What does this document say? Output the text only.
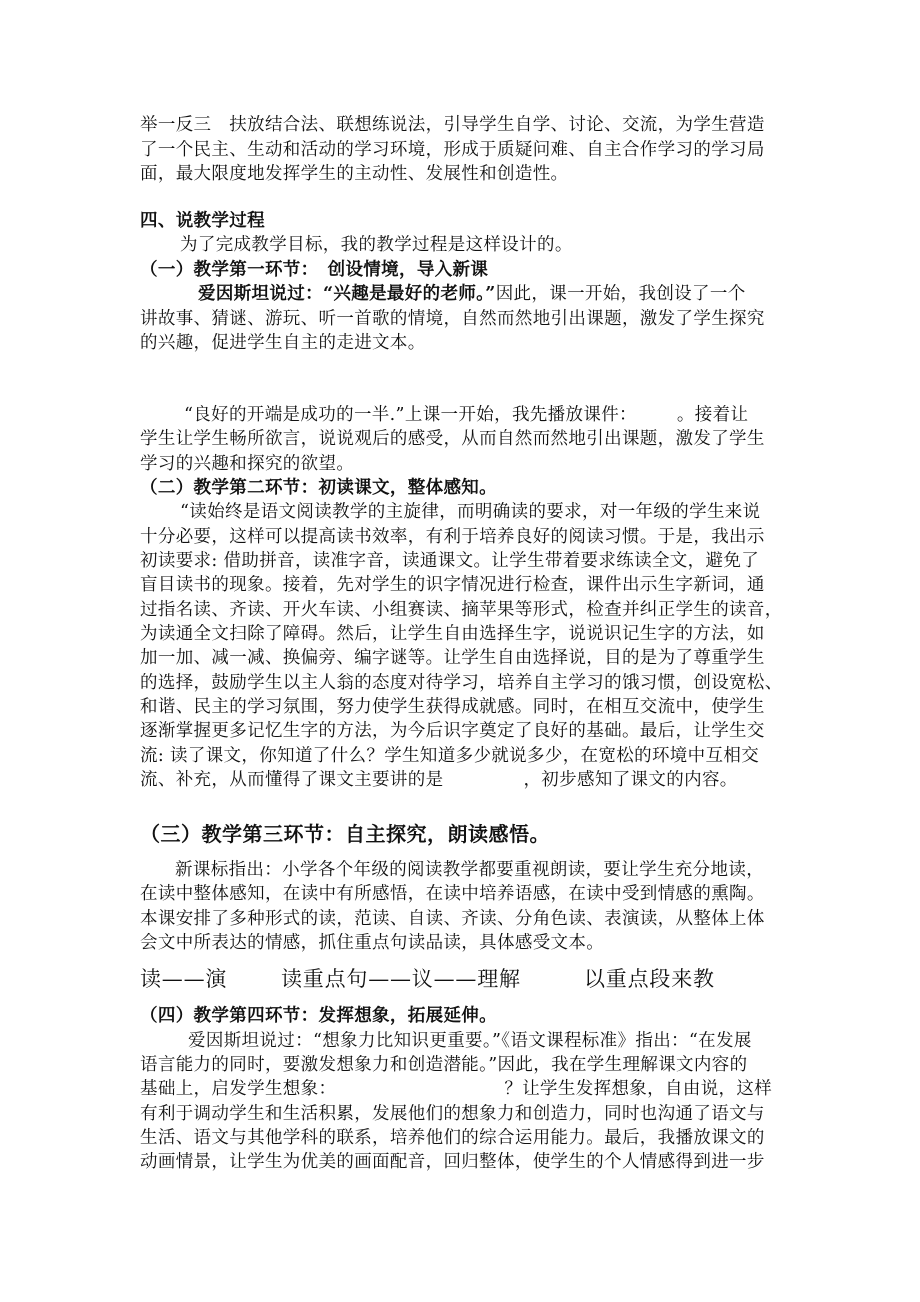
举一反三　扶放结合法、联想练说法，引导学生自学、讨论、交流，为学生营造
了一个民主、生动和活动的学习环境，形成于质疑问难、自主合作学习的学习局
面，最大限度地发挥学生的主动性、发展性和创造性。
四、说教学过程
为了完成教学目标，我的教学过程是这样设计的。
（一）教学第一环节：　创设情境，导入新课
爱因斯坦说过：“兴趣是最好的老师。”因此，课一开始，我创设了一个
讲故事、猜谜、游玩、听一首歌的情境，自然而然地引出课题，激发了学生探究
的兴趣，促进学生自主的走进文本。
“良好的开端是成功的一半.”上课一开始，我先播放课件： 。接着让
学生让学生畅所欲言，说说观后的感受，从而自然而然地引出课题，激发了学生
学习的兴趣和探究的欲望。
（二）教学第二环节：初读课文，整体感知。
“读始终是语文阅读教学的主旋律，而明确读的要求，对一年级的学生来说
十分必要，这样可以提高读书效率，有利于培养良好的阅读习惯。于是，我出示
初读要求: 借助拼音，读准字音，读通课文。让学生带着要求练读全文，避免了
盲目读书的现象。接着，先对学生的识字情况进行检查，课件出示生字新词，通
过指名读、齐读、开火车读、小组赛读、摘苹果等形式，检查并纠正学生的读音，
为读通全文扫除了障碍。然后，让学生自由选择生字，说说识记生字的方法，如
加一加、减一减、换偏旁、编字谜等。让学生自由选择说，目的是为了尊重学生
的选择，鼓励学生以主人翁的态度对待学习，培养自主学习的饿习惯，创设宽松、
和谐、民主的学习氛围，努力使学生获得成就感。同时，在相互交流中，使学生
逐渐掌握更多记忆生字的方法，为今后识字奠定了良好的基础。最后，让学生交
流: 读了课文，你知道了什么？学生知道多少就说多少，在宽松的环境中互相交
流、补充，从而懂得了课文主要讲的是	，初步感知了课文的内容。
（三）教学第三环节：自主探究，朗读感悟。
新课标指出：小学各个年级的阅读教学都要重视朗读，要让学生充分地读，
在读中整体感知，在读中有所感悟，在读中培养语感，在读中受到情感的熏陶。
本课安排了多种形式的读，范读、自读、齐读、分角色读、表演读，从整体上体
会文中所表达的情感，抓住重点句读品读，具体感受文本。
读——演	读重点句——议——理解	以重点段来教
（四）教学第四环节：发挥想象，拓展延伸。
爱因斯坦说过：“想象力比知识更重要。”《语文课程标准》指出：“在发展
语言能力的同时，要激发想象力和创造潜能。”因此，我在学生理解课文内容的
基础上，启发学生想象：	？让学生发挥想象，自由说，这样
有利于调动学生和生活积累，发展他们的想象力和创造力，同时也沟通了语文与
生活、语文与其他学科的联系，培养他们的综合运用能力。最后，我播放课文的
动画情景，让学生为优美的画面配音，回归整体，使学生的个人情感得到进一步
